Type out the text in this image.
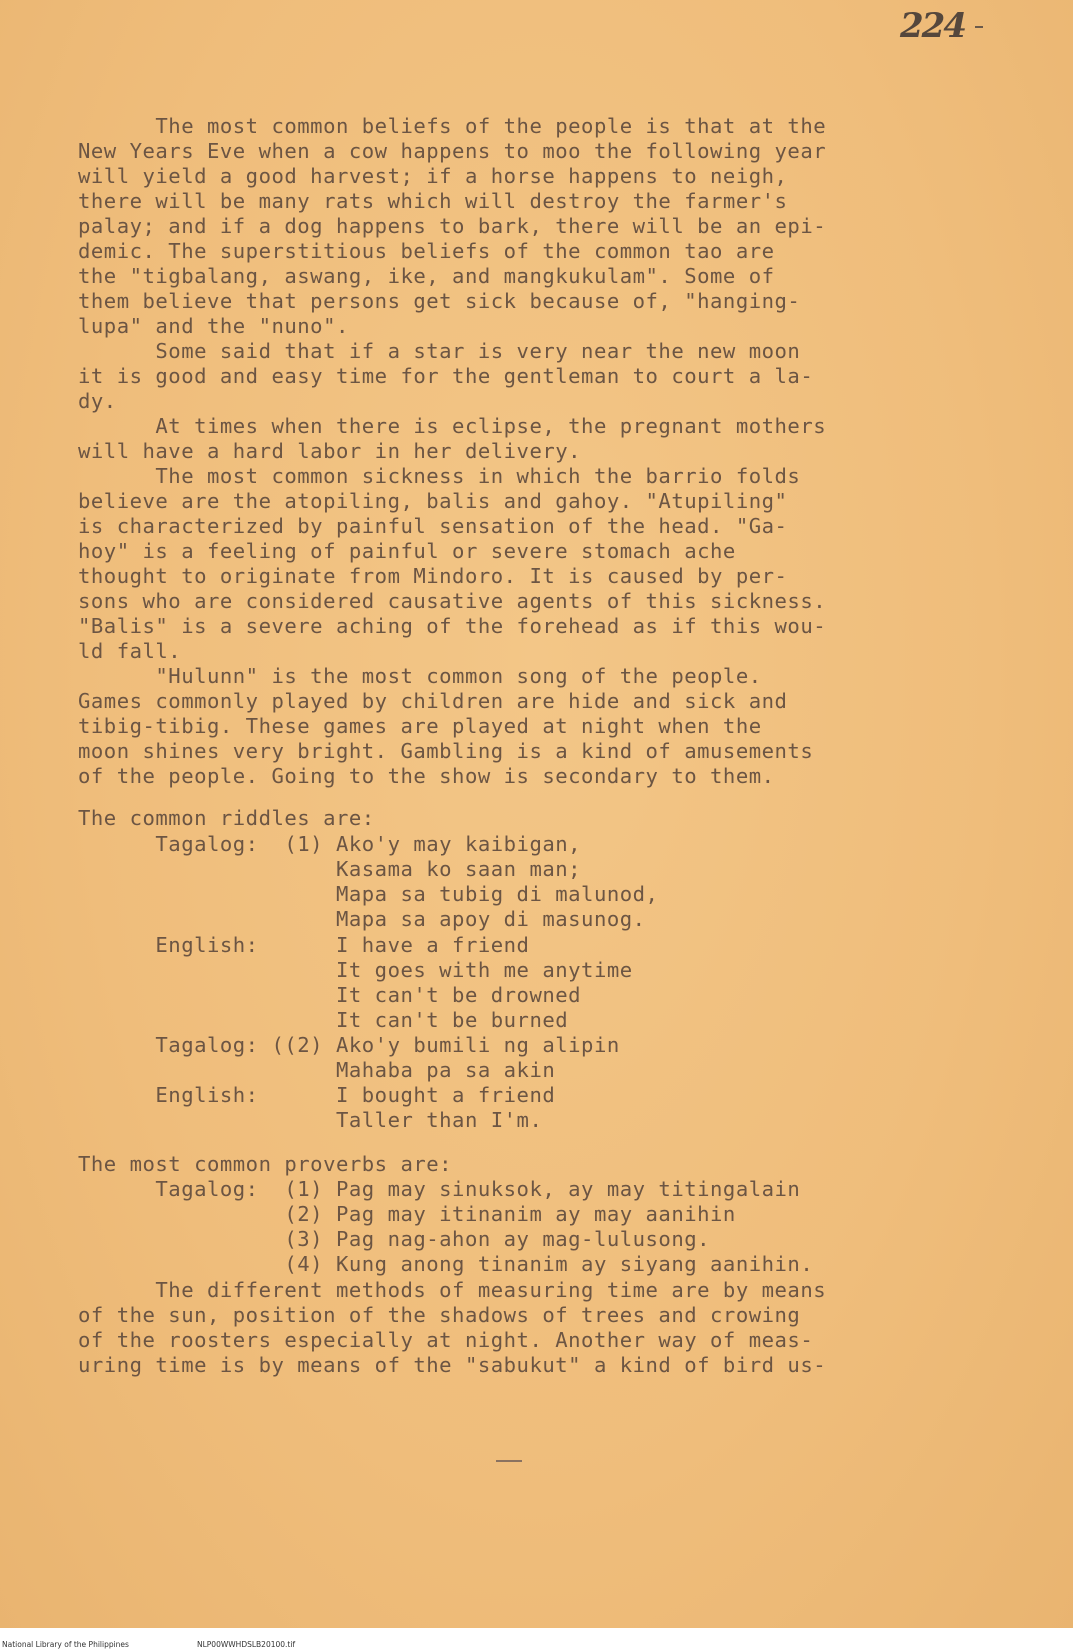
224
The most common beliefs of the people is that at the
New Years Eve when a cow happens to moo the following year
will yield a good harvest; if a horse happens to neigh,
there will be many rats which will destroy the farmer's
palay; and if a dog happens to bark, there will be an epi-
demic. The superstitious beliefs of the common tao are
the "tigbalang, aswang, ike, and mangkukulam". Some of
them believe that persons get sick because of, "hanging-
lupa" and the "nuno".
Some said that if a star is very near the new moon
it is good and easy time for the gentleman to court a la-
dy.
At times when there is eclipse, the pregnant mothers
will have a hard labor in her delivery.
The most common sickness in which the barrio folds
believe are the atopiling, balis and gahoy. "Atupiling"
is characterized by painful sensation of the head. "Ga-
hoy" is a feeling of painful or severe stomach ache
thought to originate from Mindoro. It is caused by per-
sons who are considered causative agents of this sickness.
"Balis" is a severe aching of the forehead as if this wou-
ld fall.
"Hulunn" is the most common song of the people.
Games commonly played by children are hide and sick and
tibig-tibig. These games are played at night when the
moon shines very bright. Gambling is a kind of amusements
of the people. Going to the show is secondary to them.
The common riddles are:
Tagalog:  (1) Ako'y may kaibigan,
Kasama ko saan man;
Mapa sa tubig di malunod,
Mapa sa apoy di masunog.
English:      I have a friend
It goes with me anytime
It can't be drowned
It can't be burned
Tagalog: ((2) Ako'y bumili ng alipin
Mahaba pa sa akin
English:      I bought a friend
Taller than I'm.
The most common proverbs are:
Tagalog:  (1) Pag may sinuksok, ay may titingalain
(2) Pag may itinanim ay may aanihin
(3) Pag nag-ahon ay mag-lulusong.
(4) Kung anong tinanim ay siyang aanihin.
The different methods of measuring time are by means
of the sun, position of the shadows of trees and crowing
of the roosters especially at night. Another way of meas-
uring time is by means of the "sabukut" a kind of bird us-
National Library of the Philippines	NLP00WWHDSLB20100.tif
